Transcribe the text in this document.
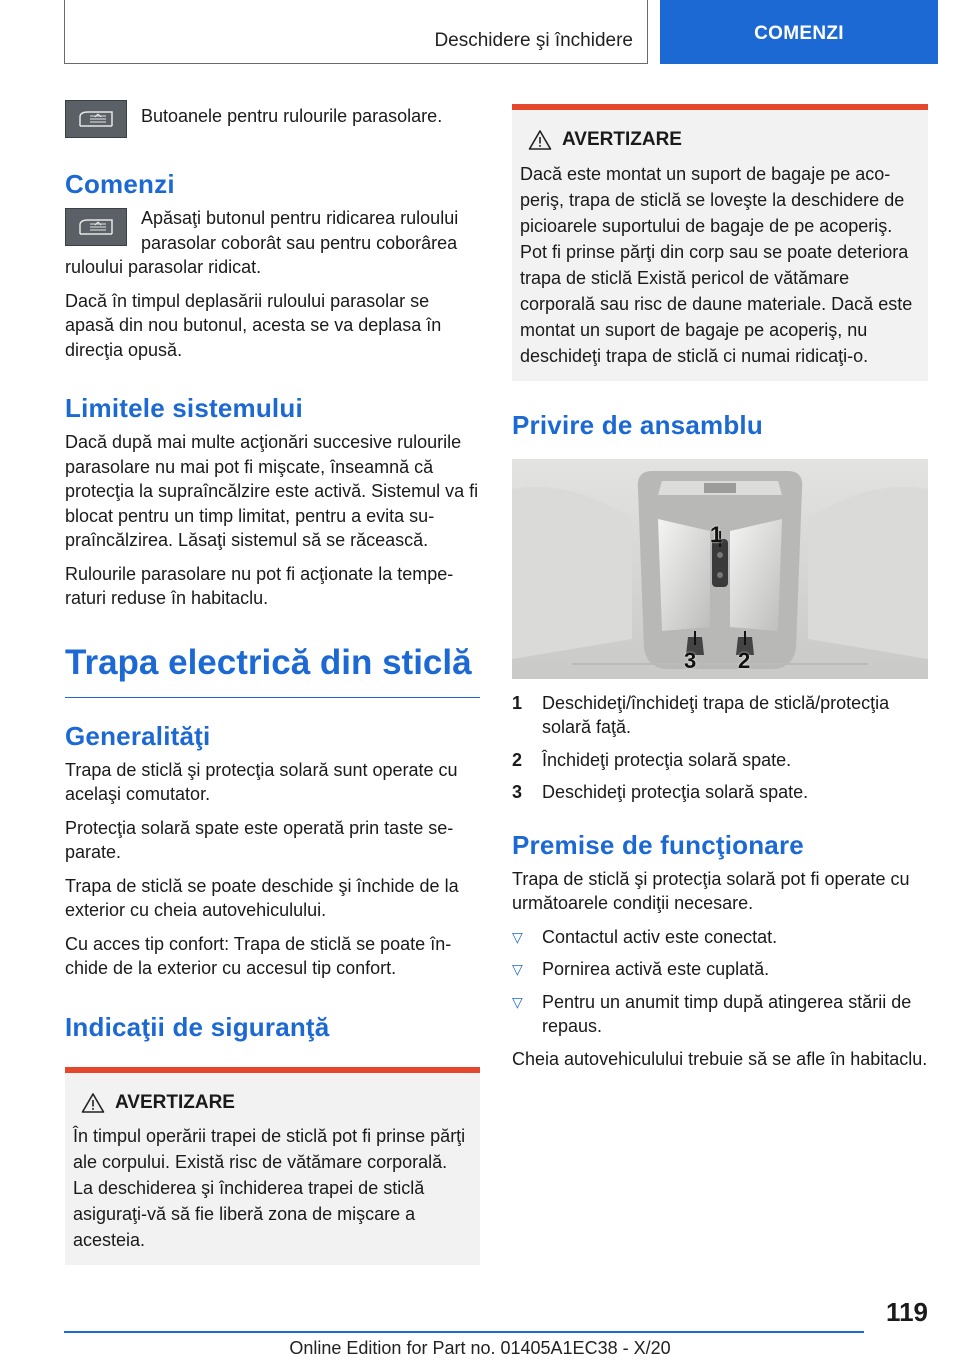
Deschidere şi închidere	COMENZI

Butoanele pentru rulourile parasolare.

Comenzi

Apăsaţi butonul pentru ridicarea ruloului parasolar coborât sau pentru coborârea ruloului parasolar ridicat.

Dacă în timpul deplasării ruloului parasolar se apasă din nou butonul, acesta se va deplasa în direcţia opusă.

Limitele sistemului

Dacă după mai multe acţionări succesive rulourile parasolare nu mai pot fi mişcate, înseamnă că protecţia la supraîncălzire este activă. Sistemul va fi blocat pentru un timp limitat, pentru a evita supraîncălzirea. Lăsaţi sistemul să se răcească.

Rulourile parasolare nu pot fi acţionate la temperaturi reduse în habitaclu.

Trapa electrică din sticlă
Generalităţi

Trapa de sticlă şi protecţia solară sunt operate cu acelaşi comutator.

Protecţia solară spate este operată prin taste separate.

Trapa de sticlă se poate deschide şi închide de la exterior cu cheia autovehiculului.

Cu acces tip confort: Trapa de sticlă se poate închide de la exterior cu accesul tip confort.

Indicaţii de siguranţă
AVERTIZARE
În timpul operării trapei de sticlă pot fi prinse părţi ale corpului. Există risc de vătămare corporală. La deschiderea şi închiderea trapei de sticlă asiguraţi-vă să fie liberă zona de mişcare a acesteia.
AVERTIZARE
Dacă este montat un suport de bagaje pe acoperiş, trapa de sticlă se loveşte la deschidere de picioarele suportului de bagaje de pe acoperiş. Pot fi prinse părţi din corp sau se poate deteriora trapa de sticlă Există pericol de vătămare corporală sau risc de daune materiale. Dacă este montat un suport de bagaje pe acoperiş, nu deschideţi trapa de sticlă ci numai ridicaţi-o.
Privire de ansamblu
1
3 2
1 Deschideţi/închideţi trapa de sticlă/protecţia solară faţă.
2 Închideţi protecţia solară spate.
3 Deschideţi protecţia solară spate.
Premise de funcţionare

Trapa de sticlă şi protecţia solară pot fi operate cu următoarele condiţii necesare.

▽ Contactul activ este conectat.
▽ Pornirea activă este cuplată.
▽ Pentru un anumit timp după atingerea stării de repaus.

Cheia autovehiculului trebuie să se afle în habitaclu.

119
Online Edition for Part no. 01405A1EC38 - X/20
